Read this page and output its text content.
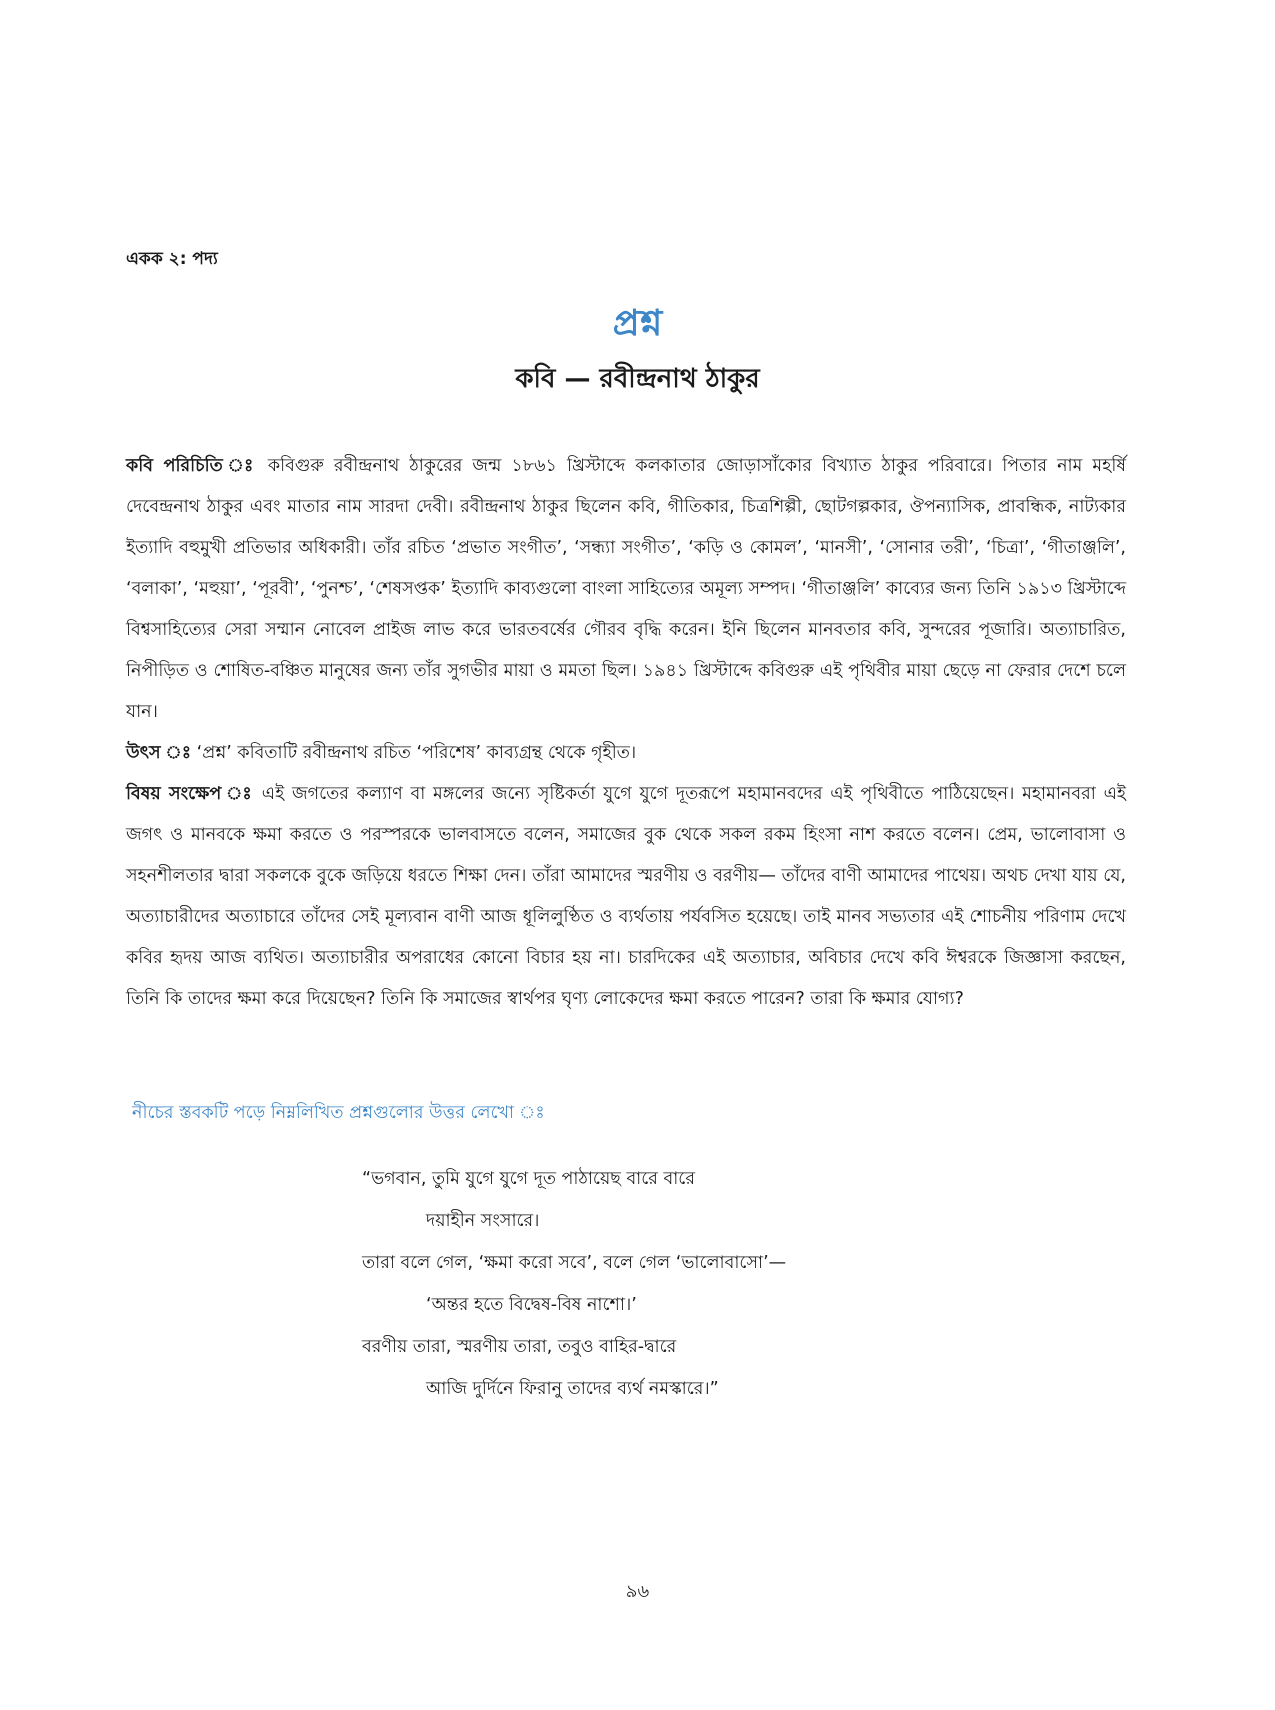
একক ২: পদ্য
প্রশ্ন
কবি — রবীন্দ্রনাথ ঠাকুর

কবি পরিচিতি ঃ কবিগুরু রবীন্দ্রনাথ ঠাকুরের জন্ম ১৮৬১ খ্রিস্টাব্দে কলকাতার জোড়াসাঁকোর বিখ্যাত ঠাকুর পরিবারে। পিতার নাম মহর্ষি দেবেন্দ্রনাথ ঠাকুর এবং মাতার নাম সারদা দেবী। রবীন্দ্রনাথ ঠাকুর ছিলেন কবি, গীতিকার, চিত্রশিল্পী, ছোটগল্পকার, ঔপন্যাসিক, প্রাবন্ধিক, নাট্যকার ইত্যাদি বহুমুখী প্রতিভার অধিকারী। তাঁর রচিত ‘প্রভাত সংগীত’, ‘সন্ধ্যা সংগীত’, ‘কড়ি ও কোমল’, ‘মানসী’, ‘সোনার তরী’, ‘চিত্রা’, ‘গীতাঞ্জলি’, ‘বলাকা’, ‘মহুয়া’, ‘পূরবী’, ‘পুনশ্চ’, ‘শেষসপ্তক’ ইত্যাদি কাব্যগুলো বাংলা সাহিত্যের অমূল্য সম্পদ। ‘গীতাঞ্জলি’ কাব্যের জন্য তিনি ১৯১৩ খ্রিস্টাব্দে বিশ্বসাহিত্যের সেরা সম্মান নোবেল প্রাইজ লাভ করে ভারতবর্ষের গৌরব বৃদ্ধি করেন। ইনি ছিলেন মানবতার কবি, সুন্দরের পূজারি। অত্যাচারিত, নিপীড়িত ও শোষিত-বঞ্চিত মানুষের জন্য তাঁর সুগভীর মায়া ও মমতা ছিল। ১৯৪১ খ্রিস্টাব্দে কবিগুরু এই পৃথিবীর মায়া ছেড়ে না ফেরার দেশে চলে যান।

উৎস ঃ ‘প্রশ্ন’ কবিতাটি রবীন্দ্রনাথ রচিত ‘পরিশেষ’ কাব্যগ্রন্থ থেকে গৃহীত।

বিষয় সংক্ষেপ ঃ এই জগতের কল্যাণ বা মঙ্গলের জন্যে সৃষ্টিকর্তা যুগে যুগে দূতরূপে মহামানবদের এই পৃথিবীতে পাঠিয়েছেন। মহামানবরা এই জগৎ ও মানবকে ক্ষমা করতে ও পরস্পরকে ভালবাসতে বলেন, সমাজের বুক থেকে সকল রকম হিংসা নাশ করতে বলেন। প্রেম, ভালোবাসা ও সহনশীলতার দ্বারা সকলকে বুকে জড়িয়ে ধরতে শিক্ষা দেন। তাঁরা আমাদের স্মরণীয় ও বরণীয়— তাঁদের বাণী আমাদের পাথেয়। অথচ দেখা যায় যে, অত্যাচারীদের অত্যাচারে তাঁদের সেই মূল্যবান বাণী আজ ধূলিলুণ্ঠিত ও ব্যর্থতায় পর্যবসিত হয়েছে। তাই মানব সভ্যতার এই শোচনীয় পরিণাম দেখে কবির হৃদয় আজ ব্যথিত। অত্যাচারীর অপরাধের কোনো বিচার হয় না। চারদিকের এই অত্যাচার, অবিচার দেখে কবি ঈশ্বরকে জিজ্ঞাসা করছেন, তিনি কি তাদের ক্ষমা করে দিয়েছেন? তিনি কি সমাজের স্বার্থপর ঘৃণ্য লোকেদের ক্ষমা করতে পারেন? তারা কি ক্ষমার যোগ্য?

নীচের স্তবকটি পড়ে নিম্নলিখিত প্রশ্নগুলোর উত্তর লেখো ঃ
“ভগবান, তুমি যুগে যুগে দূত পাঠায়েছ বারে বারে
দয়াহীন সংসারে।
তারা বলে গেল, ‘ক্ষমা করো সবে’, বলে গেল ‘ভালোবাসো’—
‘অন্তর হতে বিদ্বেষ-বিষ নাশো।’
বরণীয় তারা, স্মরণীয় তারা, তবুও বাহির-দ্বারে
আজি দুর্দিনে ফিরানু তাদের ব্যর্থ নমস্কারে।”
৯৬
